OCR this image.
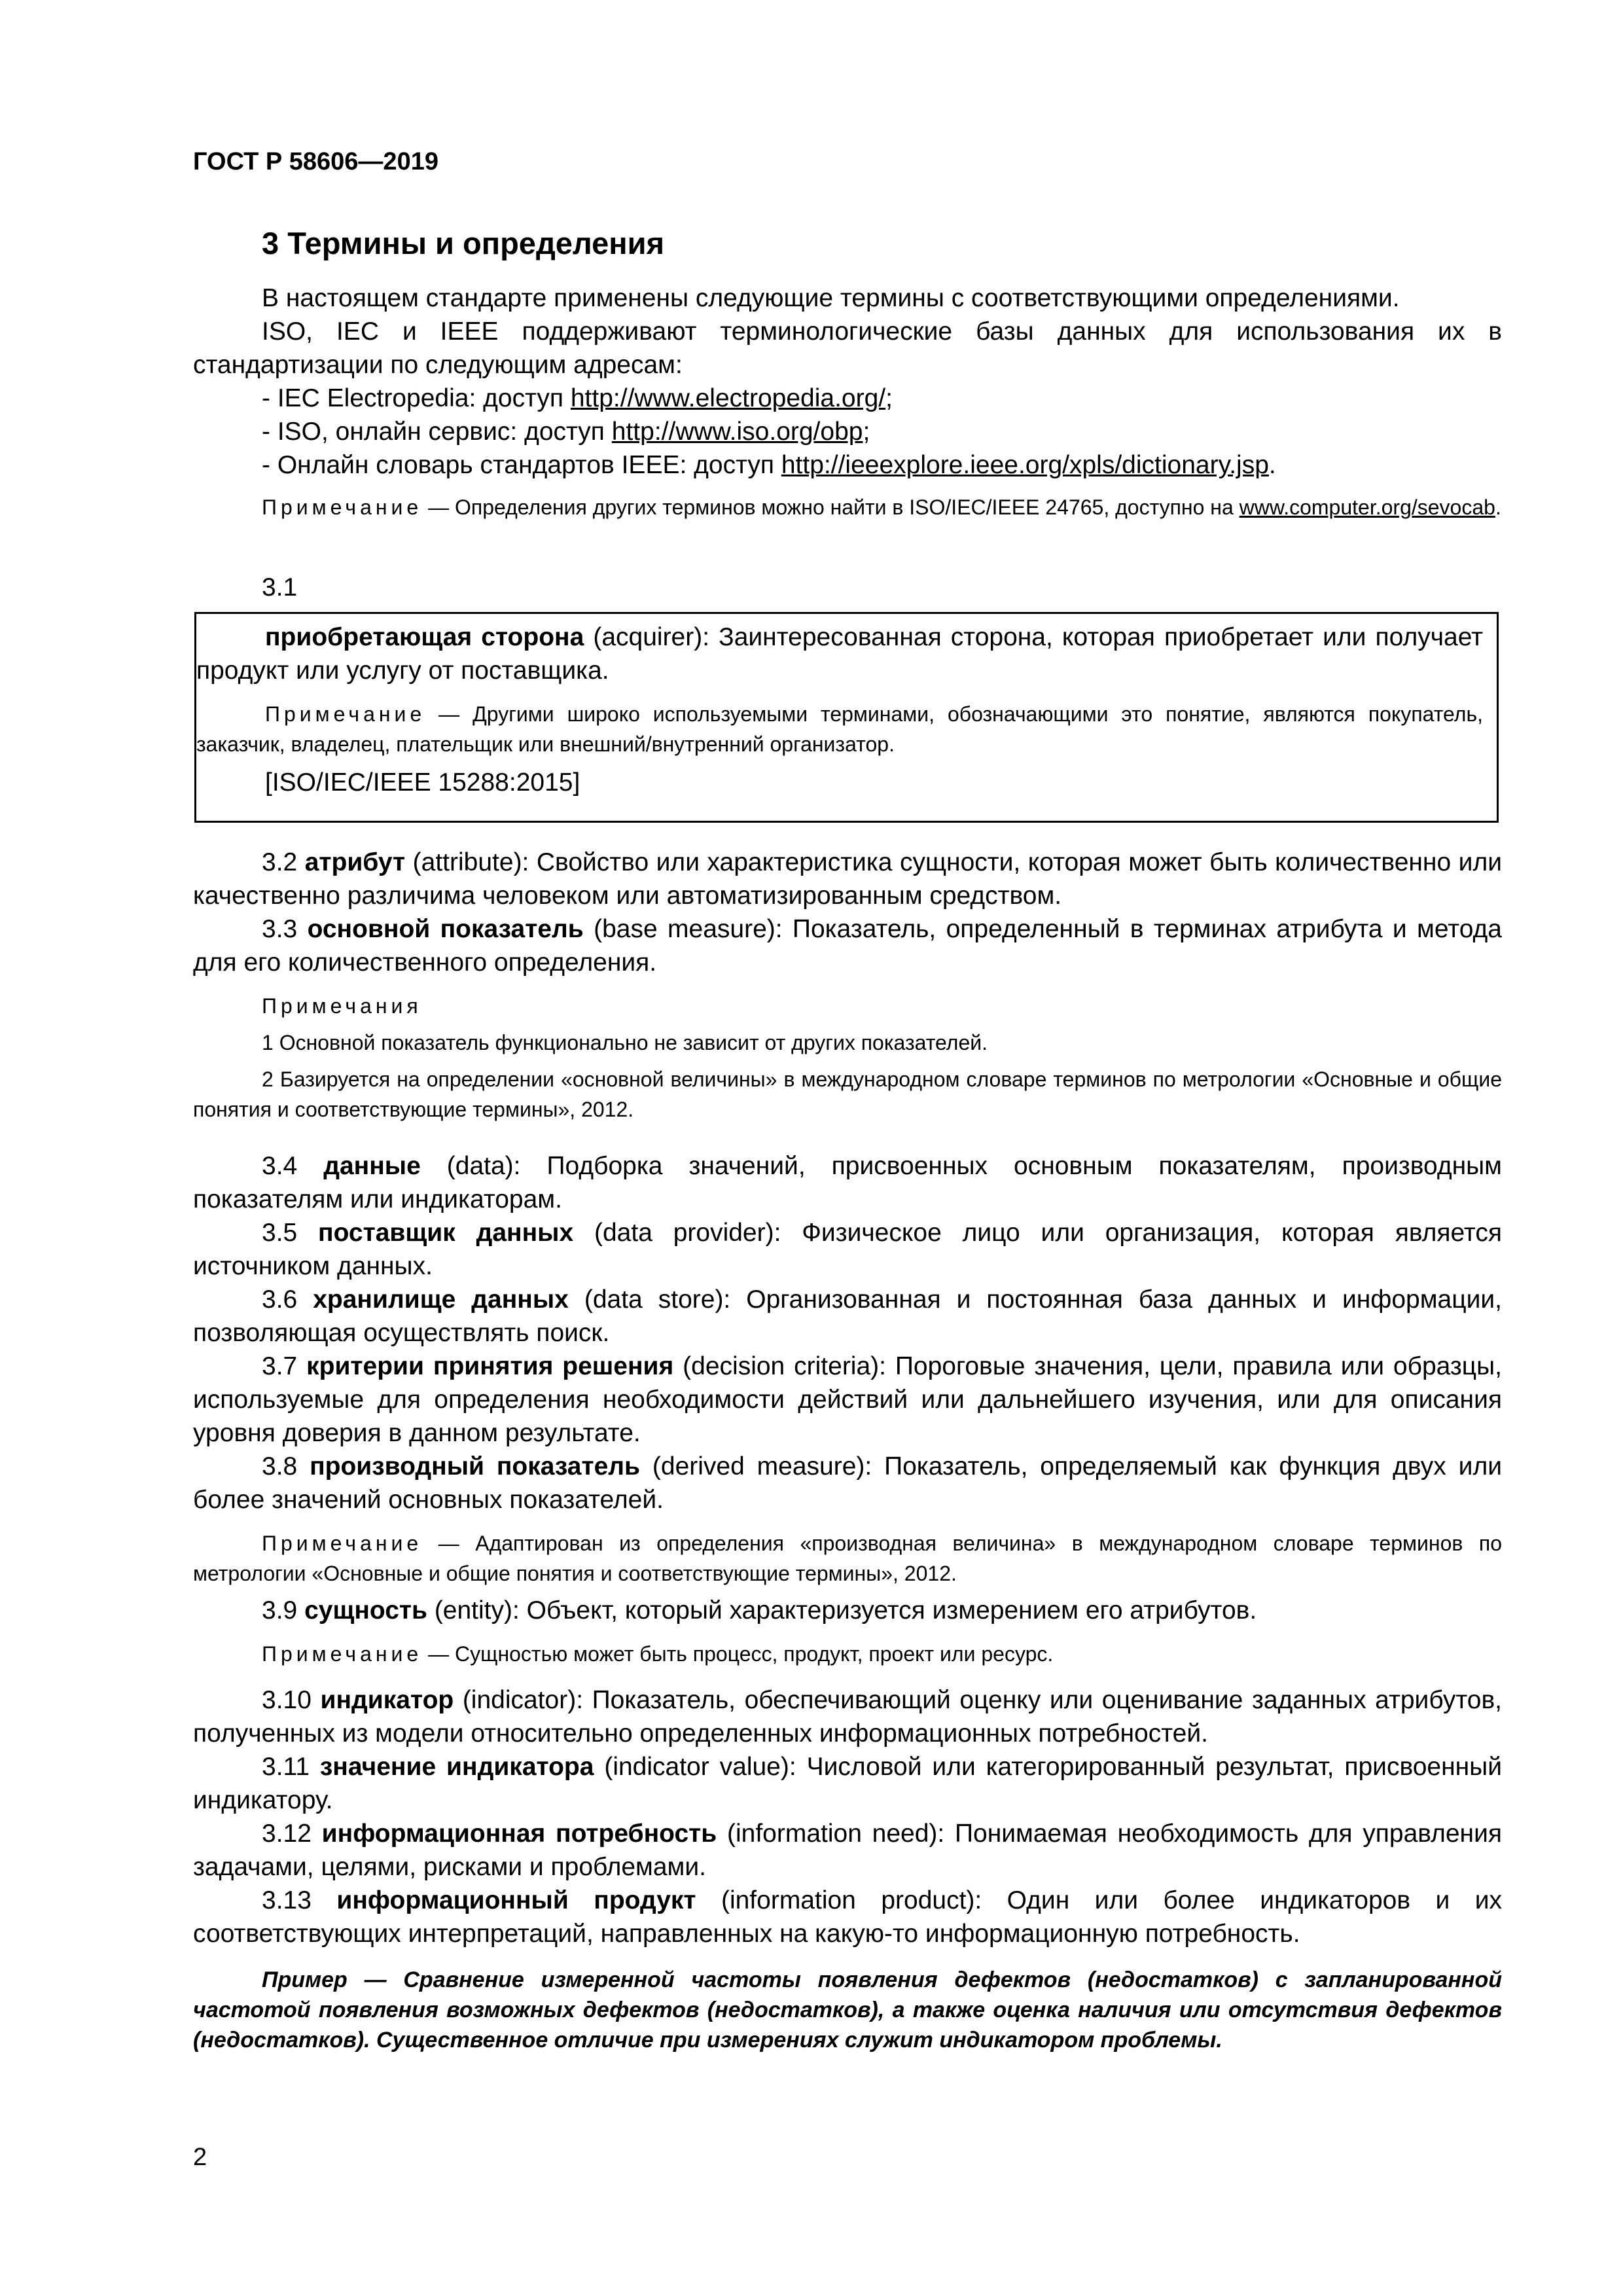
ГОСТ Р 58606—2019
3 Термины и определения

В настоящем стандарте применены следующие термины с соответствующими определениями.

ISO, IEC и IEEE поддерживают терминологические базы данных для использования их в стандартизации по следующим адресам:

- IEC Electropedia: доступ http://www.electropedia.org/;

- ISO, онлайн сервис: доступ http://www.iso.org/obp;

- Онлайн словарь стандартов IEEE: доступ http://ieeexplore.ieee.org/xpls/dictionary.jsp.

Примечание — Определения других терминов можно найти в ISO/IEC/IEEE 24765, доступно на www.computer.org/sevocab.

3.1

приобретающая сторона (acquirer): Заинтересованная сторона, которая приобретает или получает продукт или услугу от поставщика.

Примечание — Другими широко используемыми терминами, обозначающими это понятие, являются покупатель, заказчик, владелец, плательщик или внешний/внутренний организатор.

[ISO/IEC/IEEE 15288:2015]

3.2 атрибут (attribute): Свойство или характеристика сущности, которая может быть количественно или качественно различима человеком или автоматизированным средством.

3.3 основной показатель (base measure): Показатель, определенный в терминах атрибута и метода для его количественного определения.

Примечания

1 Основной показатель функционально не зависит от других показателей.

2 Базируется на определении «основной величины» в международном словаре терминов по метрологии «Основные и общие понятия и соответствующие термины», 2012.

3.4 данные (data): Подборка значений, присвоенных основным показателям, производным показателям или индикаторам.

3.5 поставщик данных (data provider): Физическое лицо или организация, которая является источником данных.

3.6 хранилище данных (data store): Организованная и постоянная база данных и информации, позволяющая осуществлять поиск.

3.7 критерии принятия решения (decision criteria): Пороговые значения, цели, правила или образцы, используемые для определения необходимости действий или дальнейшего изучения, или для описания уровня доверия в данном результате.

3.8 производный показатель (derived measure): Показатель, определяемый как функция двух или более значений основных показателей.

Примечание — Адаптирован из определения «производная величина» в международном словаре терминов по метрологии «Основные и общие понятия и соответствующие термины», 2012.

3.9 сущность (entity): Объект, который характеризуется измерением его атрибутов.

Примечание — Сущностью может быть процесс, продукт, проект или ресурс.

3.10 индикатор (indicator): Показатель, обеспечивающий оценку или оценивание заданных атрибутов, полученных из модели относительно определенных информационных потребностей.

3.11 значение индикатора (indicator value): Числовой или категорированный результат, присвоенный индикатору.

3.12 информационная потребность (information need): Понимаемая необходимость для управления задачами, целями, рисками и проблемами.

3.13 информационный продукт (information product): Один или более индикаторов и их соответствующих интерпретаций, направленных на какую-то информационную потребность.

Пример — Сравнение измеренной частоты появления дефектов (недостатков) с запланированной частотой появления возможных дефектов (недостатков), а также оценка наличия или отсутствия дефектов (недостатков). Существенное отличие при измерениях служит индикатором проблемы.

2
